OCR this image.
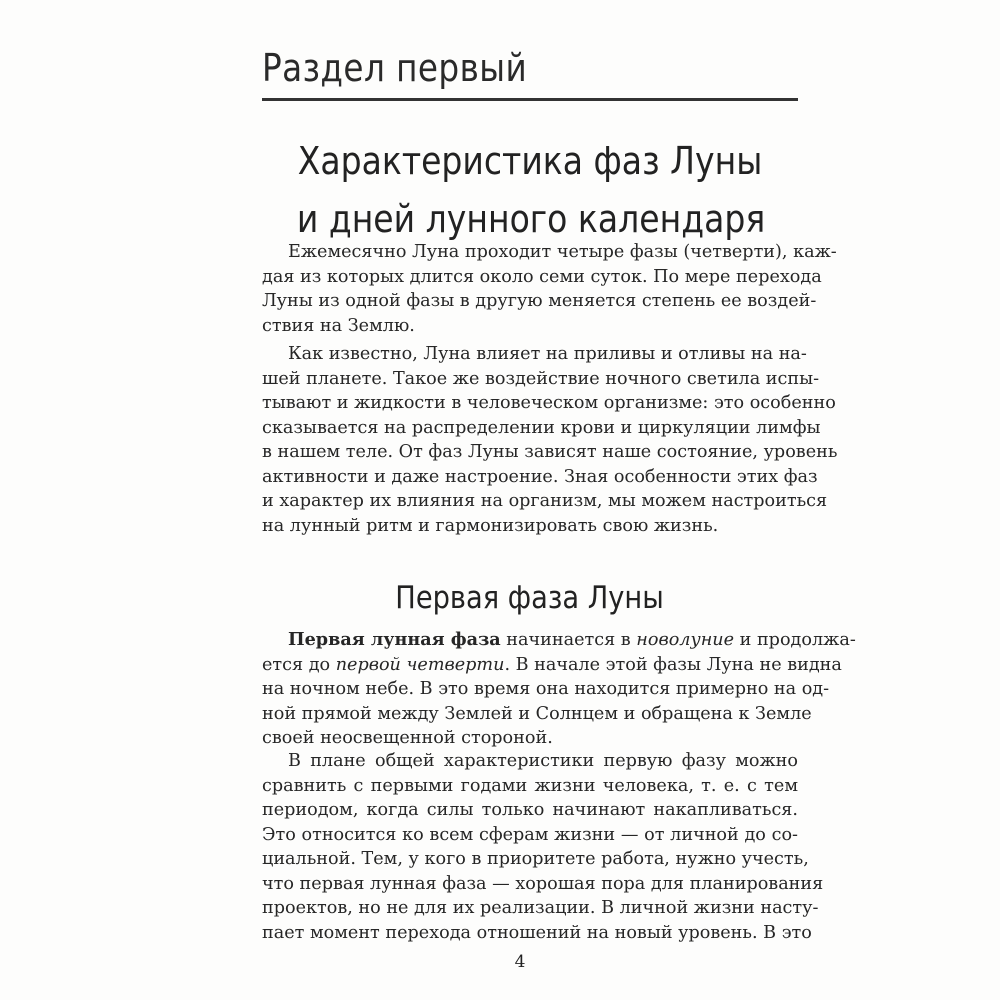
Раздел первый
Характеристика фаз Луны
и дней лунного календаря
Ежемесячно Луна проходит четыре фазы (четверти), каж-
дая из которых длится около семи суток. По мере перехода
Луны из одной фазы в другую меняется степень ее воздей-
ствия на Землю.
Как известно, Луна влияет на приливы и отливы на на-
шей планете. Такое же воздействие ночного светила испы-
тывают и жидкости в человеческом организме: это особенно
сказывается на распределении крови и циркуляции лимфы
в нашем теле. От фаз Луны зависят наше состояние, уровень
активности и даже настроение. Зная особенности этих фаз
и характер их влияния на организм, мы можем настроиться
на лунный ритм и гармонизировать свою жизнь.
Первая фаза Луны
Первая лунная фаза начинается в новолуние и продолжа-
ется до первой четверти. В начале этой фазы Луна не видна
на ночном небе. В это время она находится примерно на од-
ной прямой между Землей и Солнцем и обращена к Земле
своей неосвещенной стороной.
В плане общей характеристики первую фазу можно
сравнить с первыми годами жизни человека, т. е. с тем
периодом, когда силы только начинают накапливаться.
Это относится ко всем сферам жизни — от личной до со-
циальной. Тем, у кого в приоритете работа, нужно учесть,
что первая лунная фаза — хорошая пора для планирования
проектов, но не для их реализации. В личной жизни насту-
пает момент перехода отношений на новый уровень. В это
4
